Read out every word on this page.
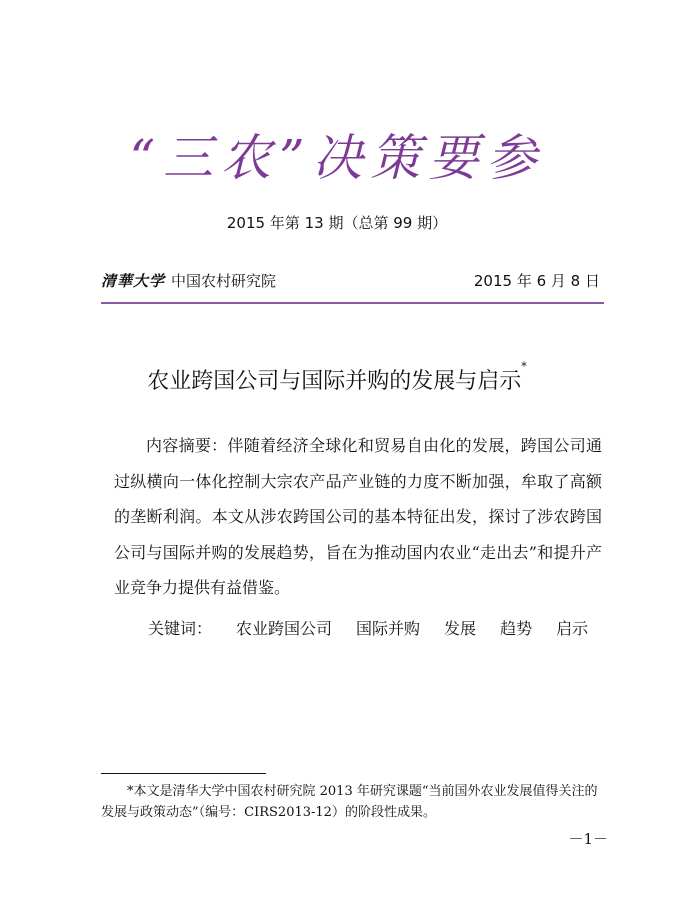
“三农”决策要参
2015 年第 13 期（总第 99 期）
清華大学 中国农村研究院	2015 年 6 月 8 日
农业跨国公司与国际并购的发展与启示*
内容摘要：伴随着经济全球化和贸易自由化的发展，跨国公司通过纵横向一体化控制大宗农产品产业链的力度不断加强，牟取了高额的垄断利润。本文从涉农跨国公司的基本特征出发，探讨了涉农跨国公司与国际并购的发展趋势，旨在为推动国内农业“走出去”和提升产业竞争力提供有益借鉴。
关键词： 农业跨国公司 国际并购 发展 趋势 启示
*本文是清华大学中国农村研究院 2013 年研究课题“当前国外农业发展值得关注的发展与政策动态”（编号：CIRS2013-12）的阶段性成果。
－1－
